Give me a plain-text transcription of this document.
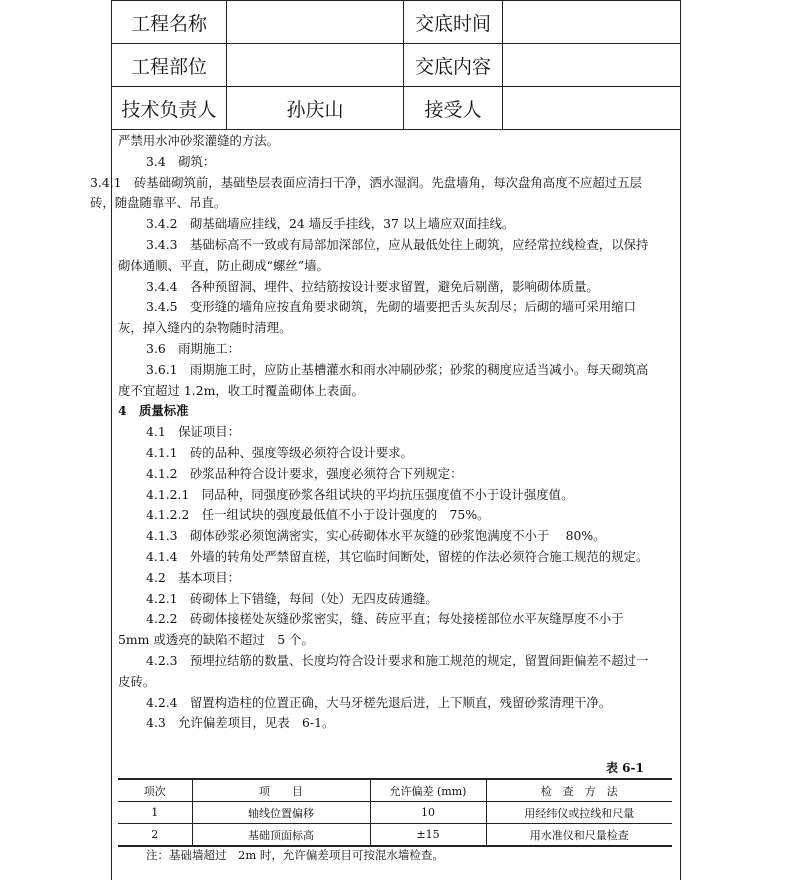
工程名称		交底时间	
工程部位		交底内容	
技术负责人	孙庆山	接受人	

严禁用水冲砂浆灌缝的方法。

3.4　砌筑：

3.4.1　砖基础砌筑前，基础垫层表面应清扫干净，洒水湿润。先盘墙角，每次盘角高度不应超过五层砖，随盘随靠平、吊直。

3.4.2　砌基础墙应挂线，24 墙反手挂线，37 以上墙应双面挂线。

3.4.3　基础标高不一致或有局部加深部位，应从最低处往上砌筑，应经常拉线检查，以保持砌体通顺、平直，防止砌成“螺丝”墙。

3.4.4　各种预留洞、埋件、拉结筋按设计要求留置，避免后剔凿，影响砌体质量。

3.4.5　变形缝的墙角应按直角要求砌筑，先砌的墙要把舌头灰刮尽；后砌的墙可采用缩口灰，掉入缝内的杂物随时清理。

3.6　雨期施工：

3.6.1　雨期施工时，应防止基槽灌水和雨水冲刷砂浆；砂浆的稠度应适当减小。每天砌筑高度不宜超过 1.2m，收工时覆盖砌体上表面。

4　质量标准

4.1　保证项目：

4.1.1　砖的品种、强度等级必须符合设计要求。

4.1.2　砂浆品种符合设计要求，强度必须符合下列规定：

4.1.2.1　同品种，同强度砂浆各组试块的平均抗压强度值不小于设计强度值。

4.1.2.2　任一组试块的强度最低值不小于设计强度的　75%。

4.1.3　砌体砂浆必须饱满密实，实心砖砌体水平灰缝的砂浆饱满度不小于　 80%。

4.1.4　外墙的转角处严禁留直槎，其它临时间断处，留槎的作法必须符合施工规范的规定。

4.2　基本项目：

4.2.1　砖砌体上下错缝，每间（处）无四皮砖通缝。

4.2.2　砖砌体接槎处灰缝砂浆密实，缝、砖应平直；每处接槎部位水平灰缝厚度不小于 5mm 或透亮的缺陷不超过　5 个。

4.2.3　预埋拉结筋的数量、长度均符合设计要求和施工规范的规定，留置间距偏差不超过一皮砖。

4.2.4　留置构造柱的位置正确，大马牙槎先退后进，上下顺直，残留砂浆清理干净。

4.3　允许偏差项目，见表　6-1。

表 6-1
项次	项　　目	允许偏差 (mm)	检　查　方　法
1	轴线位置偏移	10	用经纬仪或拉线和尺量
2	基础顶面标高	±15	用水准仪和尺量检查
注：基础墙超过　2m 时，允许偏差项目可按混水墙检查。
